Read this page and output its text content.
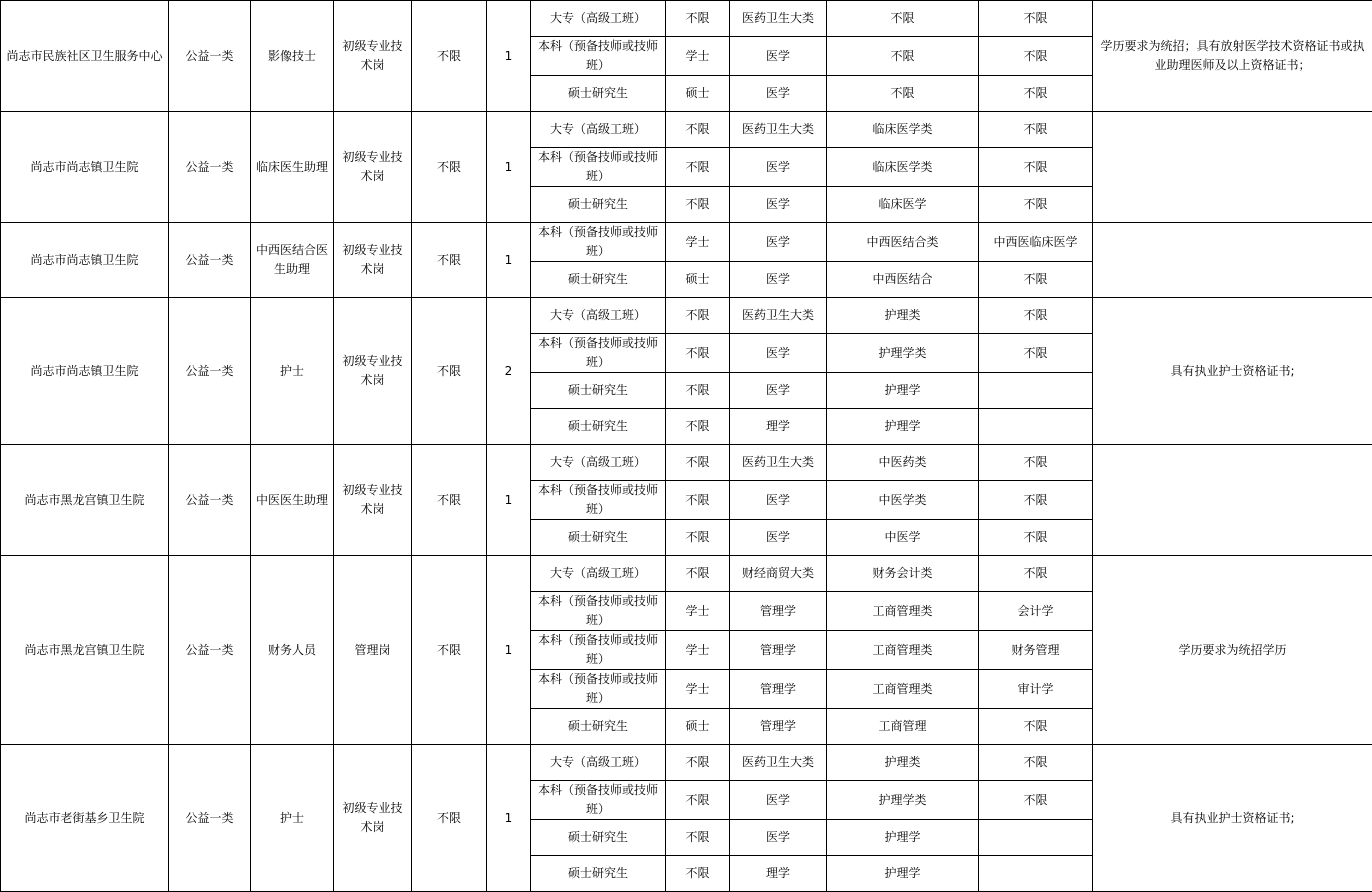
尚志市民族社区卫生服务中心	公益一类	影像技士	初级专业技术岗	不限	1	大专（高级工班）	不限	医药卫生大类	不限	不限	学历要求为统招；具有放射医学技术资格证书或执业助理医师及以上资格证书；
						本科（预备技师或技师班）	学士	医学	不限	不限	
						硕士研究生	硕士	医学	不限	不限	
尚志市尚志镇卫生院	公益一类	临床医生助理	初级专业技术岗	不限	1	大专（高级工班）	不限	医药卫生大类	临床医学类	不限	
						本科（预备技师或技师班）	不限	医学	临床医学类	不限	
						硕士研究生	不限	医学	临床医学	不限	
尚志市尚志镇卫生院	公益一类	中西医结合医生助理	初级专业技术岗	不限	1	本科（预备技师或技师班）	学士	医学	中西医结合类	中西医临床医学	
						硕士研究生	硕士	医学	中西医结合	不限	
尚志市尚志镇卫生院	公益一类	护士	初级专业技术岗	不限	2	大专（高级工班）	不限	医药卫生大类	护理类	不限	具有执业护士资格证书;
						本科（预备技师或技师班）	不限	医学	护理学类	不限	
						硕士研究生	不限	医学	护理学		
						硕士研究生	不限	理学	护理学		
尚志市黑龙宫镇卫生院	公益一类	中医医生助理	初级专业技术岗	不限	1	大专（高级工班）	不限	医药卫生大类	中医药类	不限	
						本科（预备技师或技师班）	不限	医学	中医学类	不限	
						硕士研究生	不限	医学	中医学	不限	
尚志市黑龙宫镇卫生院	公益一类	财务人员	管理岗	不限	1	大专（高级工班）	不限	财经商贸大类	财务会计类	不限	学历要求为统招学历
						本科（预备技师或技师班）	学士	管理学	工商管理类	会计学	
						本科（预备技师或技师班）	学士	管理学	工商管理类	财务管理	
						本科（预备技师或技师班）	学士	管理学	工商管理类	审计学	
						硕士研究生	硕士	管理学	工商管理	不限	
尚志市老街基乡卫生院	公益一类	护士	初级专业技术岗	不限	1	大专（高级工班）	不限	医药卫生大类	护理类	不限	具有执业护士资格证书;
						本科（预备技师或技师班）	不限	医学	护理学类	不限	
						硕士研究生	不限	医学	护理学		
						硕士研究生	不限	理学	护理学		
